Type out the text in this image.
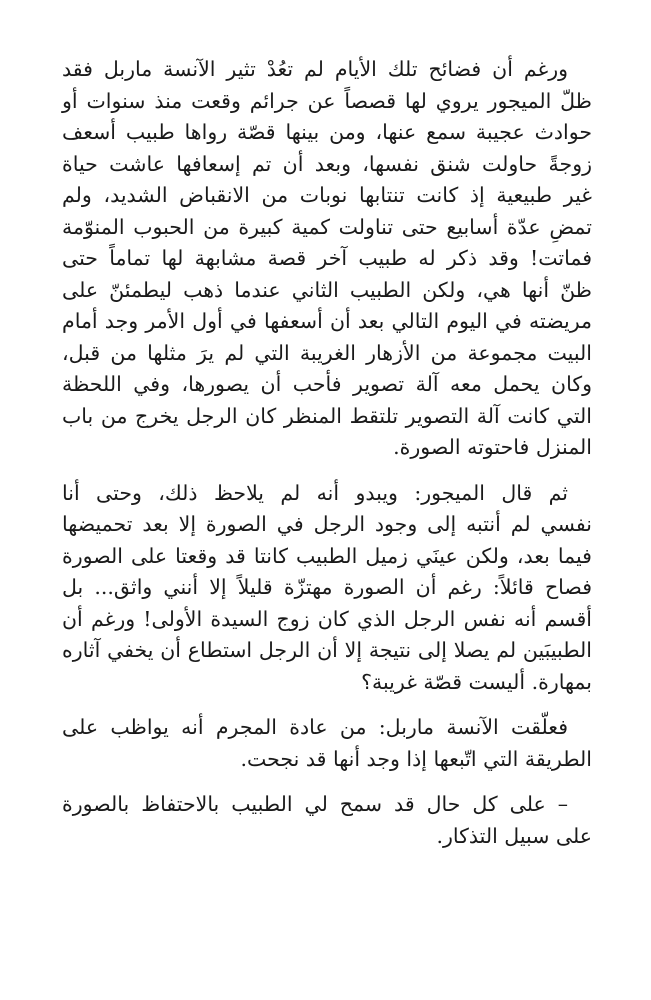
ورغم أن فضائح تلك الأيام لم تعُدْ تثير الآنسة ماربل فقد
ظلّ الميجور يروي لها قصصاً عن جرائم وقعت منذ سنوات أو
حوادث عجيبة سمع عنها، ومن بينها قصّة رواها طبيب أسعف
زوجةً حاولت شنق نفسها، وبعد أن تم إسعافها عاشت حياة
غير طبيعية إذ كانت تنتابها نوبات من الانقباض الشديد، ولم
تمضِ عدّة أسابيع حتى تناولت كمية كبيرة من الحبوب المنوّمة
فماتت! وقد ذكر له طبيب آخر قصة مشابهة لها تماماً حتى
ظنّ أنها هي، ولكن الطبيب الثاني عندما ذهب ليطمئنّ على
مريضته في اليوم التالي بعد أن أسعفها في أول الأمر وجد أمام
البيت مجموعة من الأزهار الغريبة التي لم يرَ مثلها من قبل،
وكان يحمل معه آلة تصوير فأحب أن يصورها، وفي اللحظة
التي كانت آلة التصوير تلتقط المنظر كان الرجل يخرج من باب
المنزل فاحتوته الصورة.

ثم قال الميجور: ويبدو أنه لم يلاحظ ذلك، وحتى أنا
نفسي لم أنتبه إلى وجود الرجل في الصورة إلا بعد تحميضها
فيما بعد، ولكن عينَي زميل الطبيب كانتا قد وقعتا على الصورة
فصاح قائلاً: رغم أن الصورة مهتزّة قليلاً إلا أنني واثق... بل
أقسم أنه نفس الرجل الذي كان زوج السيدة الأولى! ورغم أن
الطبيبَين لم يصلا إلى نتيجة إلا أن الرجل استطاع أن يخفي آثاره
بمهارة. أليست قصّة غريبة؟

فعلّقت الآنسة ماربل: من عادة المجرم أنه يواظب على
الطريقة التي اتّبعها إذا وجد أنها قد نجحت.

– على كل حال قد سمح لي الطبيب بالاحتفاظ بالصورة
على سبيل التذكار.
